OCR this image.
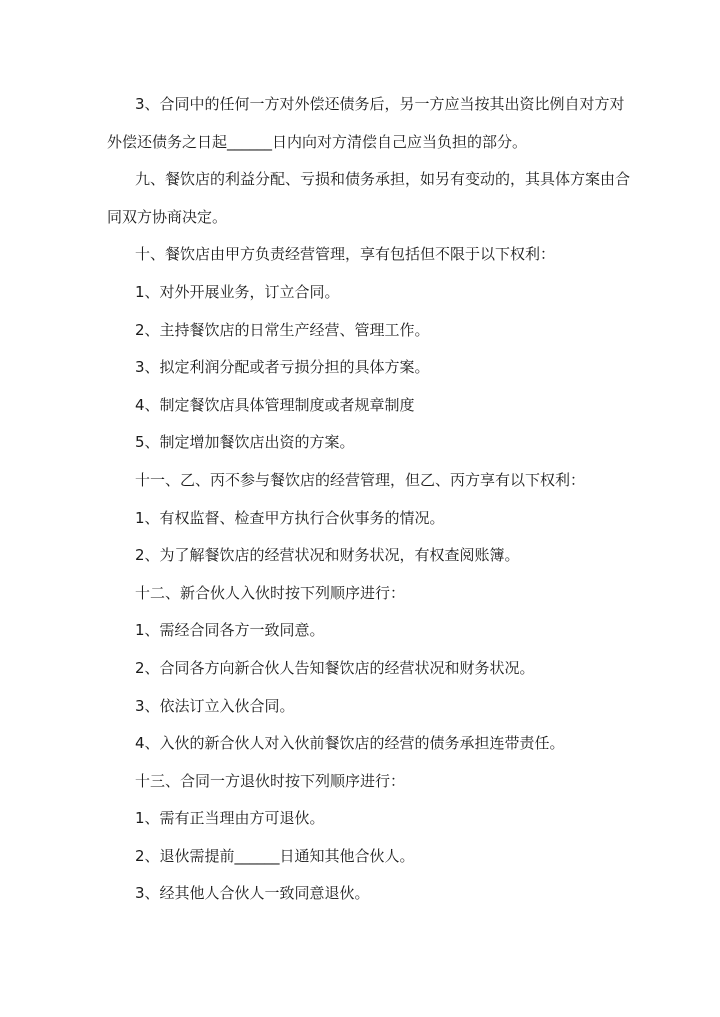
3、合同中的任何一方对外偿还债务后，另一方应当按其出资比例自对方对外偿还债务之日起______日内向对方清偿自己应当负担的部分。

九、餐饮店的利益分配、亏损和债务承担，如另有变动的，其具体方案由合同双方协商决定。

十、餐饮店由甲方负责经营管理，享有包括但不限于以下权利：

1、对外开展业务，订立合同。

2、主持餐饮店的日常生产经营、管理工作。

3、拟定利润分配或者亏损分担的具体方案。

4、制定餐饮店具体管理制度或者规章制度

5、制定增加餐饮店出资的方案。

十一、乙、丙不参与餐饮店的经营管理，但乙、丙方享有以下权利：

1、有权监督、检查甲方执行合伙事务的情况。

2、为了解餐饮店的经营状况和财务状况，有权查阅账簿。

十二、新合伙人入伙时按下列顺序进行：

1、需经合同各方一致同意。

2、合同各方向新合伙人告知餐饮店的经营状况和财务状况。

3、依法订立入伙合同。

4、入伙的新合伙人对入伙前餐饮店的经营的债务承担连带责任。

十三、合同一方退伙时按下列顺序进行：

1、需有正当理由方可退伙。

2、退伙需提前______日通知其他合伙人。

3、经其他人合伙人一致同意退伙。
